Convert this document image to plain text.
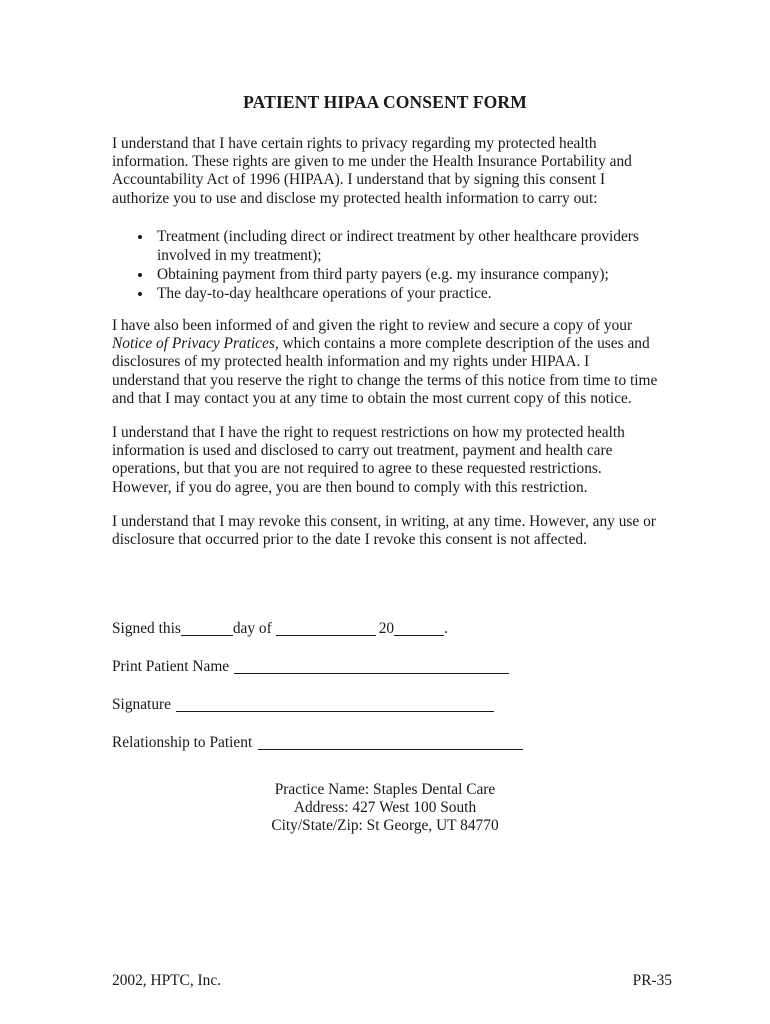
PATIENT HIPAA CONSENT FORM
I understand that I have certain rights to privacy regarding my protected health information. These rights are given to me under the Health Insurance Portability and Accountability Act of 1996 (HIPAA). I understand that by signing this consent I authorize you to use and disclose my protected health information to carry out:
Treatment (including direct or indirect treatment by other healthcare providers involved in my treatment);
Obtaining payment from third party payers (e.g. my insurance company);
The day-to-day healthcare operations of your practice.
I have also been informed of and given the right to review and secure a copy of your Notice of Privacy Pratices, which contains a more complete description of the uses and disclosures of my protected health information and my rights under HIPAA. I understand that you reserve the right to change the terms of this notice from time to time and that I may contact you at any time to obtain the most current copy of this notice.
I understand that I have the right to request restrictions on how my protected health information is used and disclosed to carry out treatment, payment and health care operations, but that you are not required to agree to these requested restrictions. However, if you do agree, you are then bound to comply with this restriction.
I understand that I may revoke this consent, in writing, at any time. However, any use or disclosure that occurred prior to the date I revoke this consent is not affected.
Signed this	day of	20	.
Print Patient Name
Signature
Relationship to Patient
Practice Name: Staples Dental Care
Address: 427 West 100 South
City/State/Zip: St George, UT 84770
2002, HPTC, Inc.	PR-35
